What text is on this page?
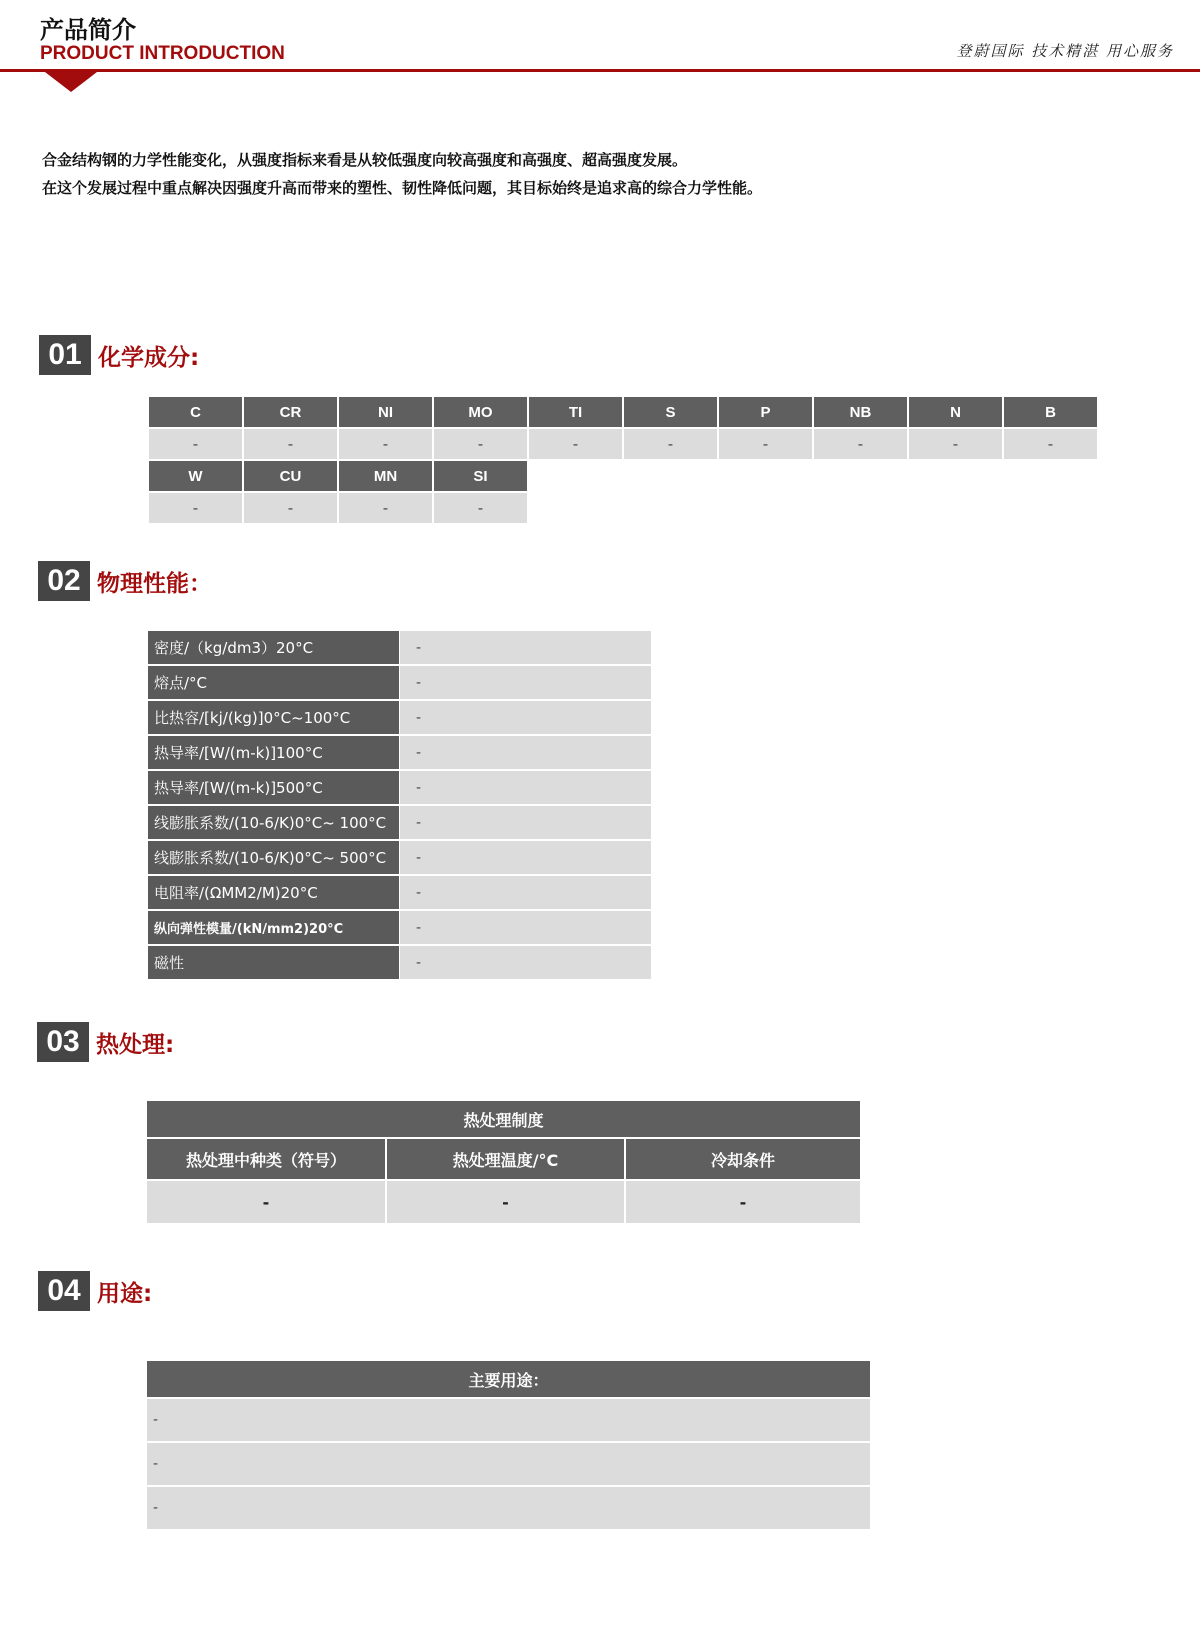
产品简介
PRODUCT INTRODUCTION	登蔚国际 技术精湛 用心服务
合金结构钢的力学性能变化，从强度指标来看是从较低强度向较高强度和高强度、超高强度发展。
在这个发展过程中重点解决因强度升高而带来的塑性、韧性降低问题，其目标始终是追求高的综合力学性能。
01 化学成分:
C	CR	NI	MO	TI	S	P	NB	N	B
-	-	-	-	-	-	-	-	-	-
W	CU	MN	SI
-	-	-	-
02 物理性能：
密度/（kg/dm3）20°C	-
熔点/°C	-
比热容/[kj/(kg)]0°C~100°C	-
热导率/[W/(m-k)]100°C	-
热导率/[W/(m-k)]500°C	-
线膨胀系数/(10-6/K)0°C~ 100°C	-
线膨胀系数/(10-6/K)0°C~ 500°C	-
电阻率/(ΩMM2/M)20°C	-
纵向弹性模量/(kN/mm2)20°C	-
磁性	-
03 热处理:
热处理制度
热处理中种类（符号）	热处理温度/°C	冷却条件
-	-	-
04 用途:
主要用途：
-
-
-
